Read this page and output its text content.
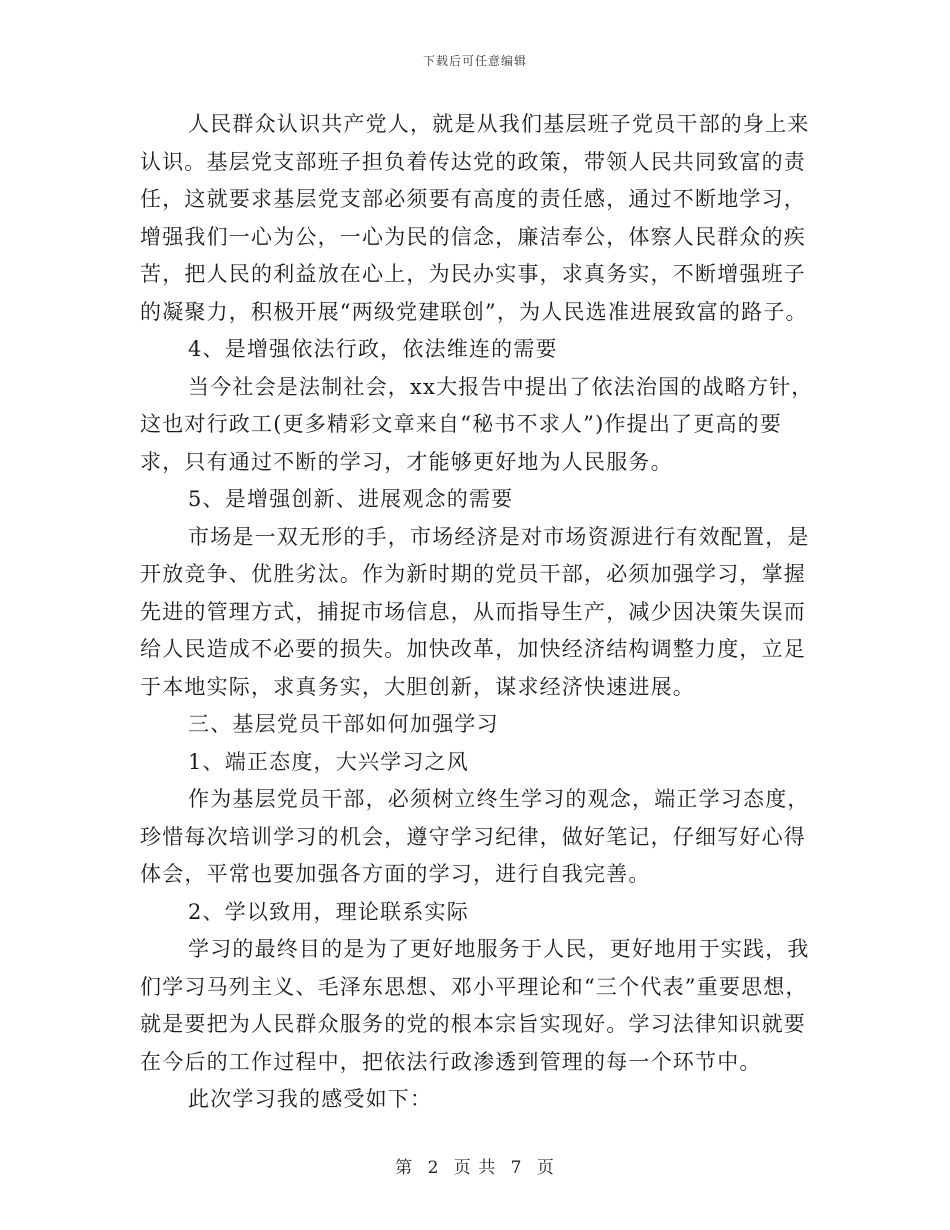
下载后可任意编辑
人民群众认识共产党人，就是从我们基层班子党员干部的身上来
认识。基层党支部班子担负着传达党的政策，带领人民共同致富的责
任，这就要求基层党支部必须要有高度的责任感，通过不断地学习，
增强我们一心为公，一心为民的信念，廉洁奉公，体察人民群众的疾
苦，把人民的利益放在心上，为民办实事，求真务实，不断增强班子
的凝聚力，积极开展“两级党建联创”，为人民选准进展致富的路子。
4、是增强依法行政，依法维连的需要
当今社会是法制社会，xx大报告中提出了依法治国的战略方针，
这也对行政工(更多精彩文章来自“秘书不求人”)作提出了更高的要
求，只有通过不断的学习，才能够更好地为人民服务。
5、是增强创新、进展观念的需要
市场是一双无形的手，市场经济是对市场资源进行有效配置，是
开放竞争、优胜劣汰。作为新时期的党员干部，必须加强学习，掌握
先进的管理方式，捕捉市场信息，从而指导生产，减少因决策失误而
给人民造成不必要的损失。加快改革，加快经济结构调整力度，立足
于本地实际，求真务实，大胆创新，谋求经济快速进展。
三、基层党员干部如何加强学习
1、端正态度，大兴学习之风
作为基层党员干部，必须树立终生学习的观念，端正学习态度，
珍惜每次培训学习的机会，遵守学习纪律，做好笔记，仔细写好心得
体会，平常也要加强各方面的学习，进行自我完善。
2、学以致用，理论联系实际
学习的最终目的是为了更好地服务于人民，更好地用于实践，我
们学习马列主义、毛泽东思想、邓小平理论和“三个代表”重要思想，
就是要把为人民群众服务的党的根本宗旨实现好。学习法律知识就要
在今后的工作过程中，把依法行政渗透到管理的每一个环节中。
此次学习我的感受如下：
第 2 页 共 7 页
